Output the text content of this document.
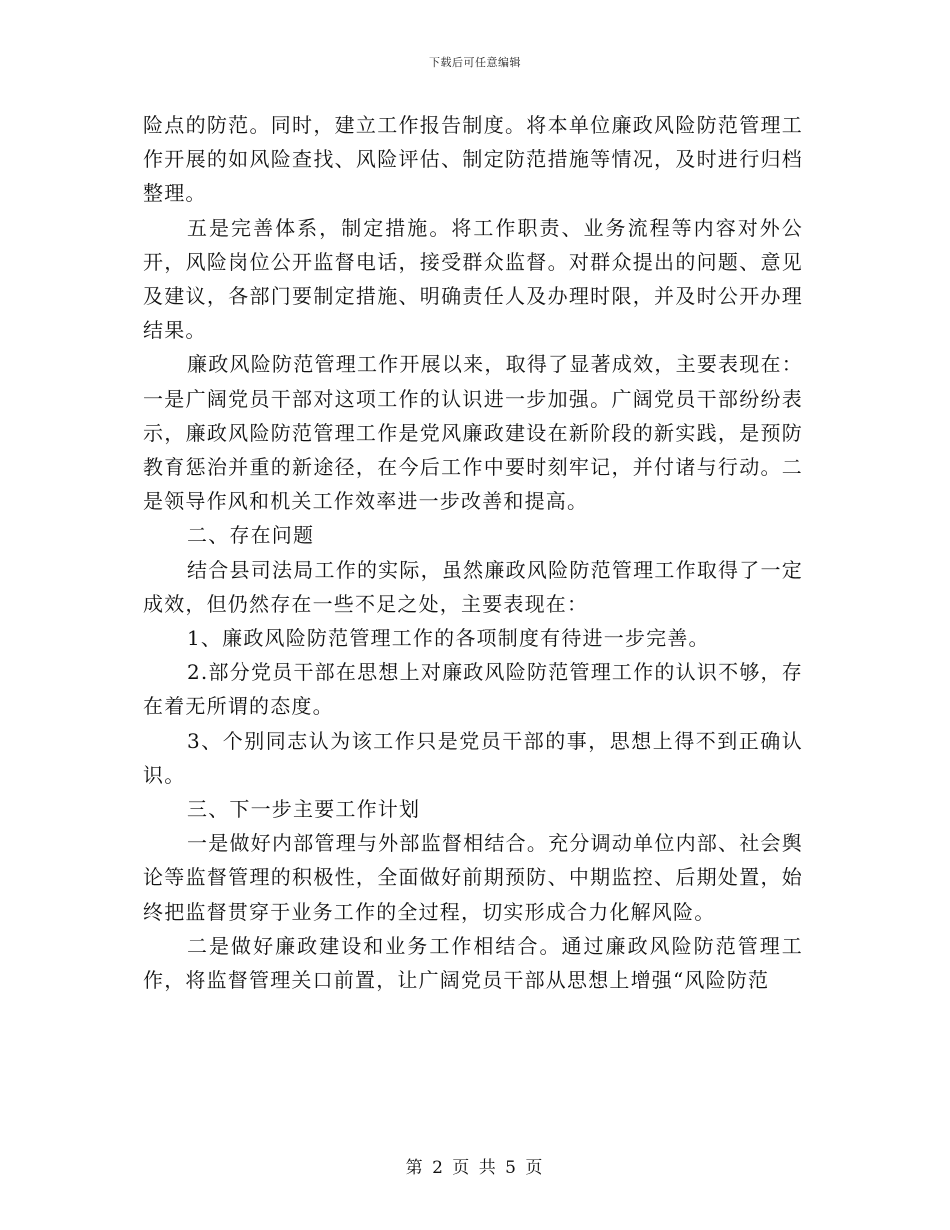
下载后可任意编辑

险点的防范。同时，建立工作报告制度。将本单位廉政风险防范管理工作开展的如风险查找、风险评估、制定防范措施等情况，及时进行归档整理。

五是完善体系，制定措施。将工作职责、业务流程等内容对外公开，风险岗位公开监督电话，接受群众监督。对群众提出的问题、意见及建议，各部门要制定措施、明确责任人及办理时限，并及时公开办理结果。

廉政风险防范管理工作开展以来，取得了显著成效，主要表现在：一是广阔党员干部对这项工作的认识进一步加强。广阔党员干部纷纷表示，廉政风险防范管理工作是党风廉政建设在新阶段的新实践，是预防教育惩治并重的新途径，在今后工作中要时刻牢记，并付诸与行动。二是领导作风和机关工作效率进一步改善和提高。

二、存在问题

结合县司法局工作的实际，虽然廉政风险防范管理工作取得了一定成效，但仍然存在一些不足之处，主要表现在：

1、廉政风险防范管理工作的各项制度有待进一步完善。

2.部分党员干部在思想上对廉政风险防范管理工作的认识不够，存在着无所谓的态度。

3、个别同志认为该工作只是党员干部的事，思想上得不到正确认识。

三、下一步主要工作计划

一是做好内部管理与外部监督相结合。充分调动单位内部、社会舆论等监督管理的积极性，全面做好前期预防、中期监控、后期处置，始终把监督贯穿于业务工作的全过程，切实形成合力化解风险。

二是做好廉政建设和业务工作相结合。通过廉政风险防范管理工作，将监督管理关口前置，让广阔党员干部从思想上增强“风险防范

第 2 页 共 5 页
